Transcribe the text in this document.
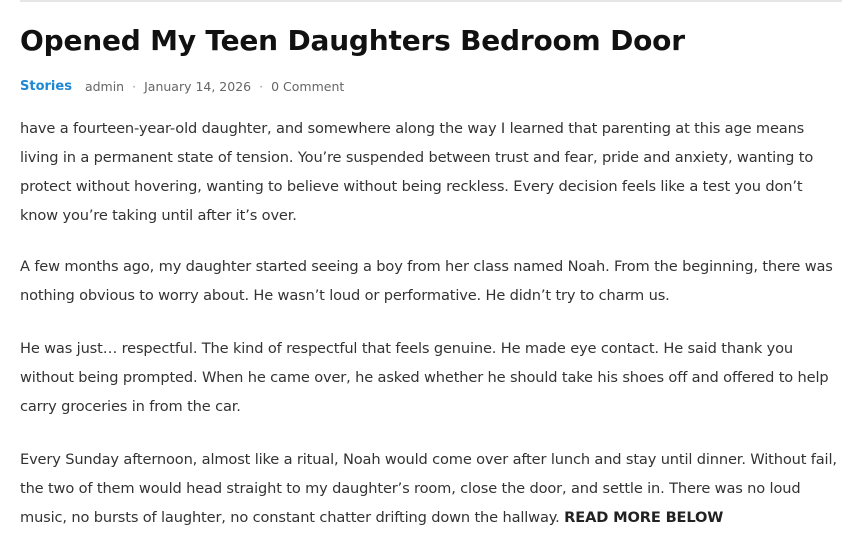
Opened My Teen Daughters Bedroom Door
Stories admin · January 14, 2026 · 0 Comment

have a fourteen-year-old daughter, and somewhere along the way I learned that parenting at this age means living in a permanent state of tension. You’re suspended between trust and fear, pride and anxiety, wanting to protect without hovering, wanting to believe without being reckless. Every decision feels like a test you don’t know you’re taking until after it’s over.

A few months ago, my daughter started seeing a boy from her class named Noah. From the beginning, there was nothing obvious to worry about. He wasn’t loud or performative. He didn’t try to charm us.

He was just… respectful. The kind of respectful that feels genuine. He made eye contact. He said thank you without being prompted. When he came over, he asked whether he should take his shoes off and offered to help carry groceries in from the car.

Every Sunday afternoon, almost like a ritual, Noah would come over after lunch and stay until dinner. Without fail, the two of them would head straight to my daughter’s room, close the door, and settle in. There was no loud music, no bursts of laughter, no constant chatter drifting down the hallway. READ MORE BELOW
